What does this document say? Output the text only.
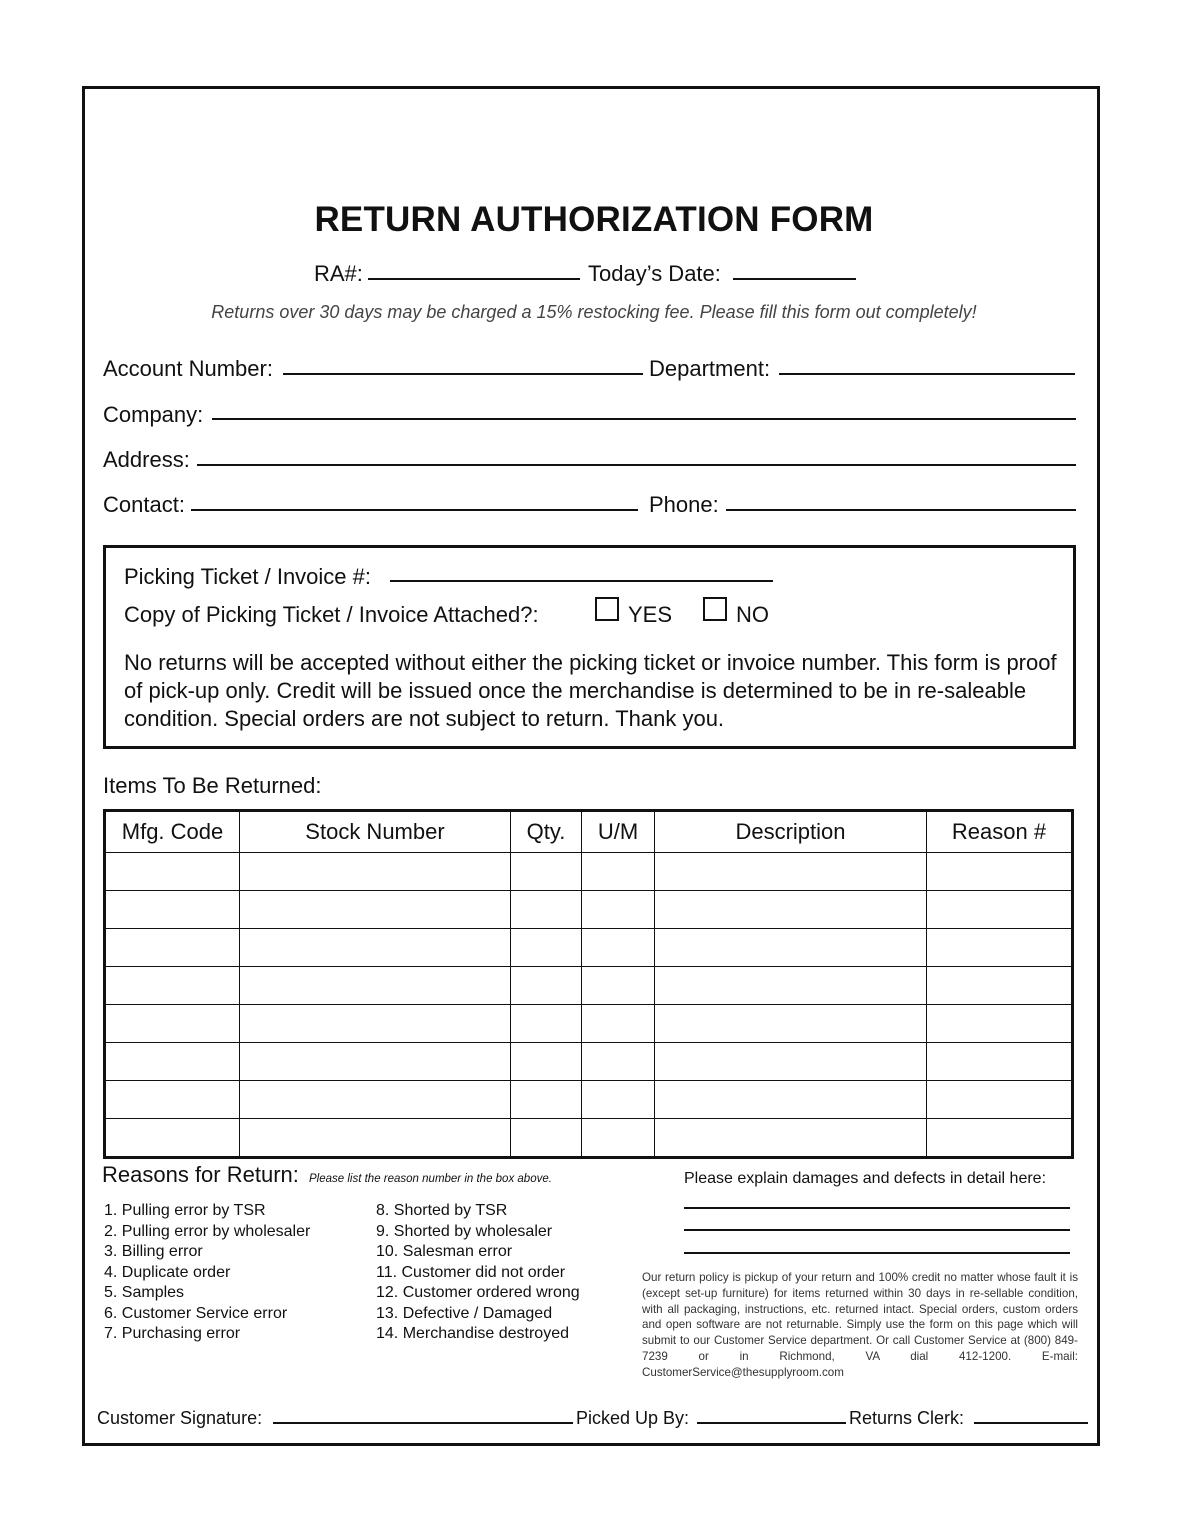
RETURN AUTHORIZATION FORM
RA#:	Today’s Date:
Returns over 30 days may be charged a 15% restocking fee. Please fill this form out completely!
Account Number:	Department:
Company:
Address:
Contact:	Phone:
Picking Ticket / Invoice #:
Copy of Picking Ticket / Invoice Attached?:	YES	NO
No returns will be accepted without either the picking ticket or invoice number. This form is proof of pick-up only. Credit will be issued once the merchandise is determined to be in re-saleable condition. Special orders are not subject to return. Thank you.
Items To Be Returned:
Mfg. Code	Stock Number	Qty.	U/M	Description	Reason #

Reasons for Return: Please list the reason number in the box above.
1. Pulling error by TSR
2. Pulling error by wholesaler
3. Billing error
4. Duplicate order
5. Samples
6. Customer Service error
7. Purchasing error
8. Shorted by TSR
9. Shorted by wholesaler
10. Salesman error
11. Customer did not order
12. Customer ordered wrong
13. Defective / Damaged
14. Merchandise destroyed
Please explain damages and defects in detail here:
Our return policy is pickup of your return and 100% credit no matter whose fault it is (except set-up furniture) for items returned within 30 days in re-sellable condition, with all packaging, instructions, etc. returned intact. Special orders, custom orders and open software are not returnable. Simply use the form on this page which will submit to our Customer Service department. Or call Customer Service at (800) 849-7239 or in Richmond, VA dial 412-1200. E-mail: CustomerService@thesupplyroom.com
Customer Signature:	Picked Up By:	Returns Clerk:
